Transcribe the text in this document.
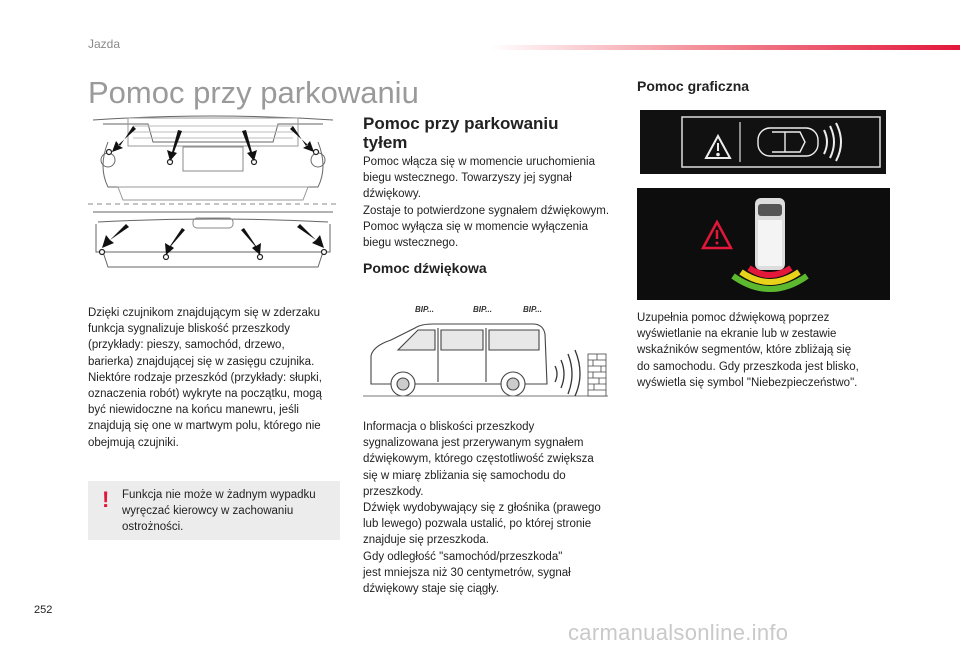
Jazda
Pomoc przy parkowaniu
Dzięki czujnikom znajdującym się w zderzaku
funkcja sygnalizuje bliskość przeszkody
(przykłady: pieszy, samochód, drzewo,
barierka) znajdującej się w zasięgu czujnika.
Niektóre rodzaje przeszkód (przykłady: słupki,
oznaczenia robót) wykryte na początku, mogą
być niewidoczne na końcu manewru, jeśli
znajdują się one w martwym polu, którego nie
obejmują czujniki.
! Funkcja nie może w żadnym wypadku wyręczać kierowcy w zachowaniu ostrożności.
Pomoc przy parkowaniu tyłem
Pomoc włącza się w momencie uruchomienia
biegu wstecznego. Towarzyszy jej sygnał
dźwiękowy.
Zostaje to potwierdzone sygnałem dźwiękowym.
Pomoc wyłącza się w momencie wyłączenia
biegu wstecznego.
Pomoc dźwiękowa
BIP...	BIP...	BIP...
Informacja o bliskości przeszkody
sygnalizowana jest przerywanym sygnałem
dźwiękowym, którego częstotliwość zwiększa
się w miarę zbliżania się samochodu do
przeszkody.
Dźwięk wydobywający się z głośnika (prawego
lub lewego) pozwala ustalić, po której stronie
znajduje się przeszkoda.
Gdy odległość "samochód/przeszkoda"
jest mniejsza niż 30 centymetrów, sygnał
dźwiękowy staje się ciągły.
Pomoc graficzna
Uzupełnia pomoc dźwiękową poprzez
wyświetlanie na ekranie lub w zestawie
wskaźników segmentów, które zbliżają się
do samochodu. Gdy przeszkoda jest blisko,
wyświetla się symbol "Niebezpieczeństwo".
252
carmanualsonline.info
